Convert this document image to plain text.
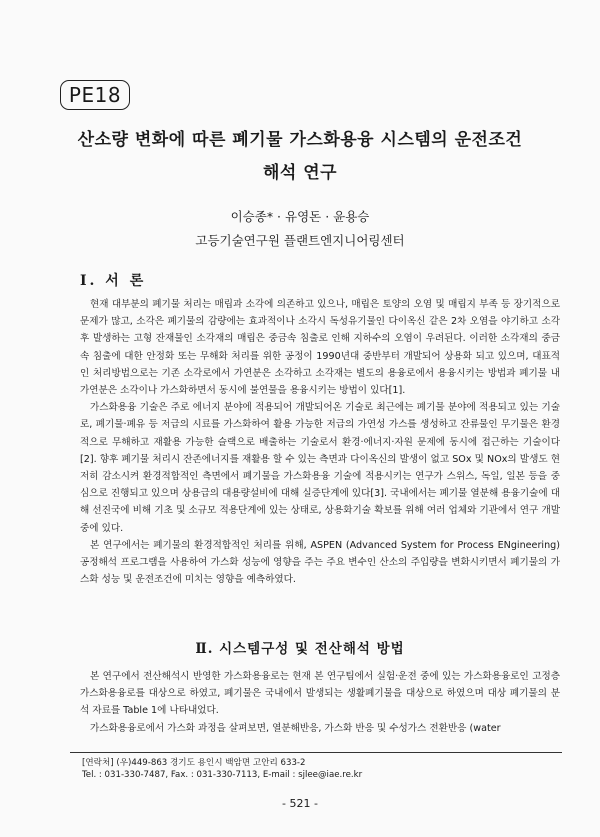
PE18
산소량 변화에 따른 폐기물 가스화용융 시스템의 운전조건
해석 연구
이승종* · 유영돈 · 윤용승
고등기술연구원 플랜트엔지니어링센터
Ⅰ. 서 론

현재 대부분의 폐기물 처리는 매립과 소각에 의존하고 있으나, 매립은 토양의 오염 및 매립지 부족 등 장기적으로 문제가 많고, 소각은 폐기물의 감량에는 효과적이나 소각시 독성유기물인 다이옥신 같은 2차 오염을 야기하고 소각 후 발생하는 고형 잔재물인 소각재의 매립은 중금속 침출로 인해 지하수의 오염이 우려된다. 이러한 소각재의 중금속 침출에 대한 안정화 또는 무해화 처리를 위한 공정이 1990년대 중반부터 개발되어 상용화 되고 있으며, 대표적인 처리방법으로는 기존 소각로에서 가연분은 소각하고 소각재는 별도의 용융로에서 용융시키는 방법과 폐기물 내 가연분은 소각이나 가스화하면서 동시에 불연물을 용융시키는 방법이 있다[1].

가스화용융 기술은 주로 에너지 분야에 적용되어 개발되어온 기술로 최근에는 폐기물 분야에 적용되고 있는 기술로, 폐기물·폐유 등 저급의 시료를 가스화하여 활용 가능한 저급의 가연성 가스를 생성하고 잔류물인 무기물은 환경적으로 무해하고 재활용 가능한 슬랙으로 배출하는 기술로서 환경·에너지·자원 문제에 동시에 접근하는 기술이다[2]. 향후 폐기물 처리시 잔존에너지를 재활용 할 수 있는 측면과 다이옥신의 발생이 없고 SOx 및 NOx의 발생도 현저히 감소시켜 환경적합적인 측면에서 폐기물을 가스화용융 기술에 적용시키는 연구가 스위스, 독일, 일본 등을 중심으로 진행되고 있으며 상용급의 대용량설비에 대해 실증단계에 있다[3]. 국내에서는 폐기물 열분해 용융기술에 대해 선진국에 비해 기초 및 소규모 적용단계에 있는 상태로, 상용화기술 확보를 위해 여러 업체와 기관에서 연구 개발 중에 있다.

본 연구에서는 폐기물의 환경적합적인 처리를 위해, ASPEN (Advanced System for Process ENgineering) 공정해석 프로그램을 사용하여 가스화 성능에 영향을 주는 주요 변수인 산소의 주입량을 변화시키면서 폐기물의 가스화 성능 및 운전조건에 미치는 영향을 예측하였다.

Ⅱ. 시스템구성 및 전산해석 방법

본 연구에서 전산해석시 반영한 가스화용융로는 현재 본 연구팀에서 실험·운전 중에 있는 가스화용융로인 고정층 가스화용융로를 대상으로 하였고, 폐기물은 국내에서 발생되는 생활폐기물을 대상으로 하였으며 대상 폐기물의 분석 자료를 Table 1에 나타내었다.

가스화용융로에서 가스화 과정을 살펴보면, 열분해반응, 가스화 반응 및 수성가스 전환반응 (water

[연락처] (우)449-863 경기도 용인시 백암면 고안리 633-2
Tel. : 031-330-7487, Fax. : 031-330-7113, E-mail : sjlee@iae.re.kr
- 521 -
